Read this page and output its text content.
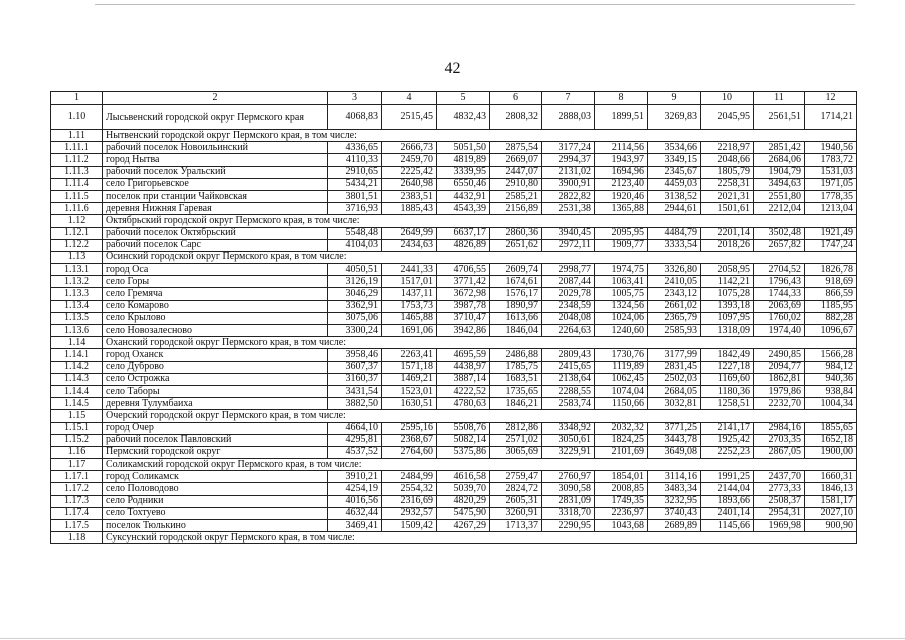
42
1	2	3	4	5	6	7	8	9	10	11	12
1.10	Лысьвенский городской округ Пермского края	4068,83	2515,45	4832,43	2808,32	2888,03	1899,51	3269,83	2045,95	2561,51	1714,21
1.11	Нытвенский городской округ Пермского края, в том числе:										
1.11.1	рабочий поселок Новоильинский	4336,65	2666,73	5051,50	2875,54	3177,24	2114,56	3534,66	2218,97	2851,42	1940,56
1.11.2	город Нытва	4110,33	2459,70	4819,89	2669,07	2994,37	1943,97	3349,15	2048,66	2684,06	1783,72
1.11.3	рабочий поселок Уральский	2910,65	2225,42	3339,95	2447,07	2131,02	1694,96	2345,67	1805,79	1904,79	1531,03
1.11.4	село Григорьевское	5434,21	2640,98	6550,46	2910,80	3900,91	2123,40	4459,03	2258,31	3494,63	1971,05
1.11.5	поселок при станции Чайковская	3801,51	2383,51	4432,91	2585,21	2822,82	1920,46	3138,52	2021,31	2551,80	1778,35
1.11.6	деревня Нижняя Гаревая	3716,93	1885,43	4543,39	2156,89	2531,38	1365,88	2944,61	1501,61	2212,04	1213,04
1.12	Октябрьский городской округ Пермского края, в том числе:										
1.12.1	рабочий поселок Октябрьский	5548,48	2649,99	6637,17	2860,36	3940,45	2095,95	4484,79	2201,14	3502,48	1921,49
1.12.2	рабочий поселок Сарс	4104,03	2434,63	4826,89	2651,62	2972,11	1909,77	3333,54	2018,26	2657,82	1747,24
1.13	Осинский городской округ Пермского края, в том числе:										
1.13.1	город Оса	4050,51	2441,33	4706,55	2609,74	2998,77	1974,75	3326,80	2058,95	2704,52	1826,78
1.13.2	село Горы	3126,19	1517,01	3771,42	1674,61	2087,44	1063,41	2410,05	1142,21	1796,43	918,69
1.13.3	село Гремяча	3046,29	1437,11	3672,98	1576,17	2029,78	1005,75	2343,12	1075,28	1744,33	866,59
1.13.4	село Комарово	3362,91	1753,73	3987,78	1890,97	2348,59	1324,56	2661,02	1393,18	2063,69	1185,95
1.13.5	село Крылово	3075,06	1465,88	3710,47	1613,66	2048,08	1024,06	2365,79	1097,95	1760,02	882,28
1.13.6	село Новозалесново	3300,24	1691,06	3942,86	1846,04	2264,63	1240,60	2585,93	1318,09	1974,40	1096,67
1.14	Оханский городской округ Пермского края, в том числе:										
1.14.1	город Оханск	3958,46	2263,41	4695,59	2486,88	2809,43	1730,76	3177,99	1842,49	2490,85	1566,28
1.14.2	село Дуброво	3607,37	1571,18	4438,97	1785,75	2415,65	1119,89	2831,45	1227,18	2094,77	984,12
1.14.3	село Острожка	3160,37	1469,21	3887,14	1683,51	2138,64	1062,45	2502,03	1169,60	1862,81	940,36
1.14.4	село Таборы	3431,54	1523,01	4222,52	1735,65	2288,55	1074,04	2684,05	1180,36	1979,86	938,84
1.14.5	деревня Тулумбаиха	3882,50	1630,51	4780,63	1846,21	2583,74	1150,66	3032,81	1258,51	2232,70	1004,34
1.15	Очерский городской округ Пермского края, в том числе:										
1.15.1	город Очер	4664,10	2595,16	5508,76	2812,86	3348,92	2032,32	3771,25	2141,17	2984,16	1855,65
1.15.2	рабочий поселок Павловский	4295,81	2368,67	5082,14	2571,02	3050,61	1824,25	3443,78	1925,42	2703,35	1652,18
1.16	Пермский городской округ	4537,52	2764,60	5375,86	3065,69	3229,91	2101,69	3649,08	2252,23	2867,05	1900,00
1.17	Соликамский городской округ Пермского края, в том числе:										
1.17.1	город Соликамск	3910,21	2484,99	4616,58	2759,47	2760,97	1854,01	3114,16	1991,25	2437,70	1660,31
1.17.2	село Половодово	4254,19	2554,32	5039,70	2824,72	3090,58	2008,85	3483,34	2144,04	2773,33	1846,13
1.17.3	село Родники	4016,56	2316,69	4820,29	2605,31	2831,09	1749,35	3232,95	1893,66	2508,37	1581,17
1.17.4	село Тохтуево	4632,44	2932,57	5475,90	3260,91	3318,70	2236,97	3740,43	2401,14	2954,31	2027,10
1.17.5	поселок Тюлькино	3469,41	1509,42	4267,29	1713,37	2290,95	1043,68	2689,89	1145,66	1969,98	900,90
1.18	Суксунский городской округ Пермского края, в том числе:										
